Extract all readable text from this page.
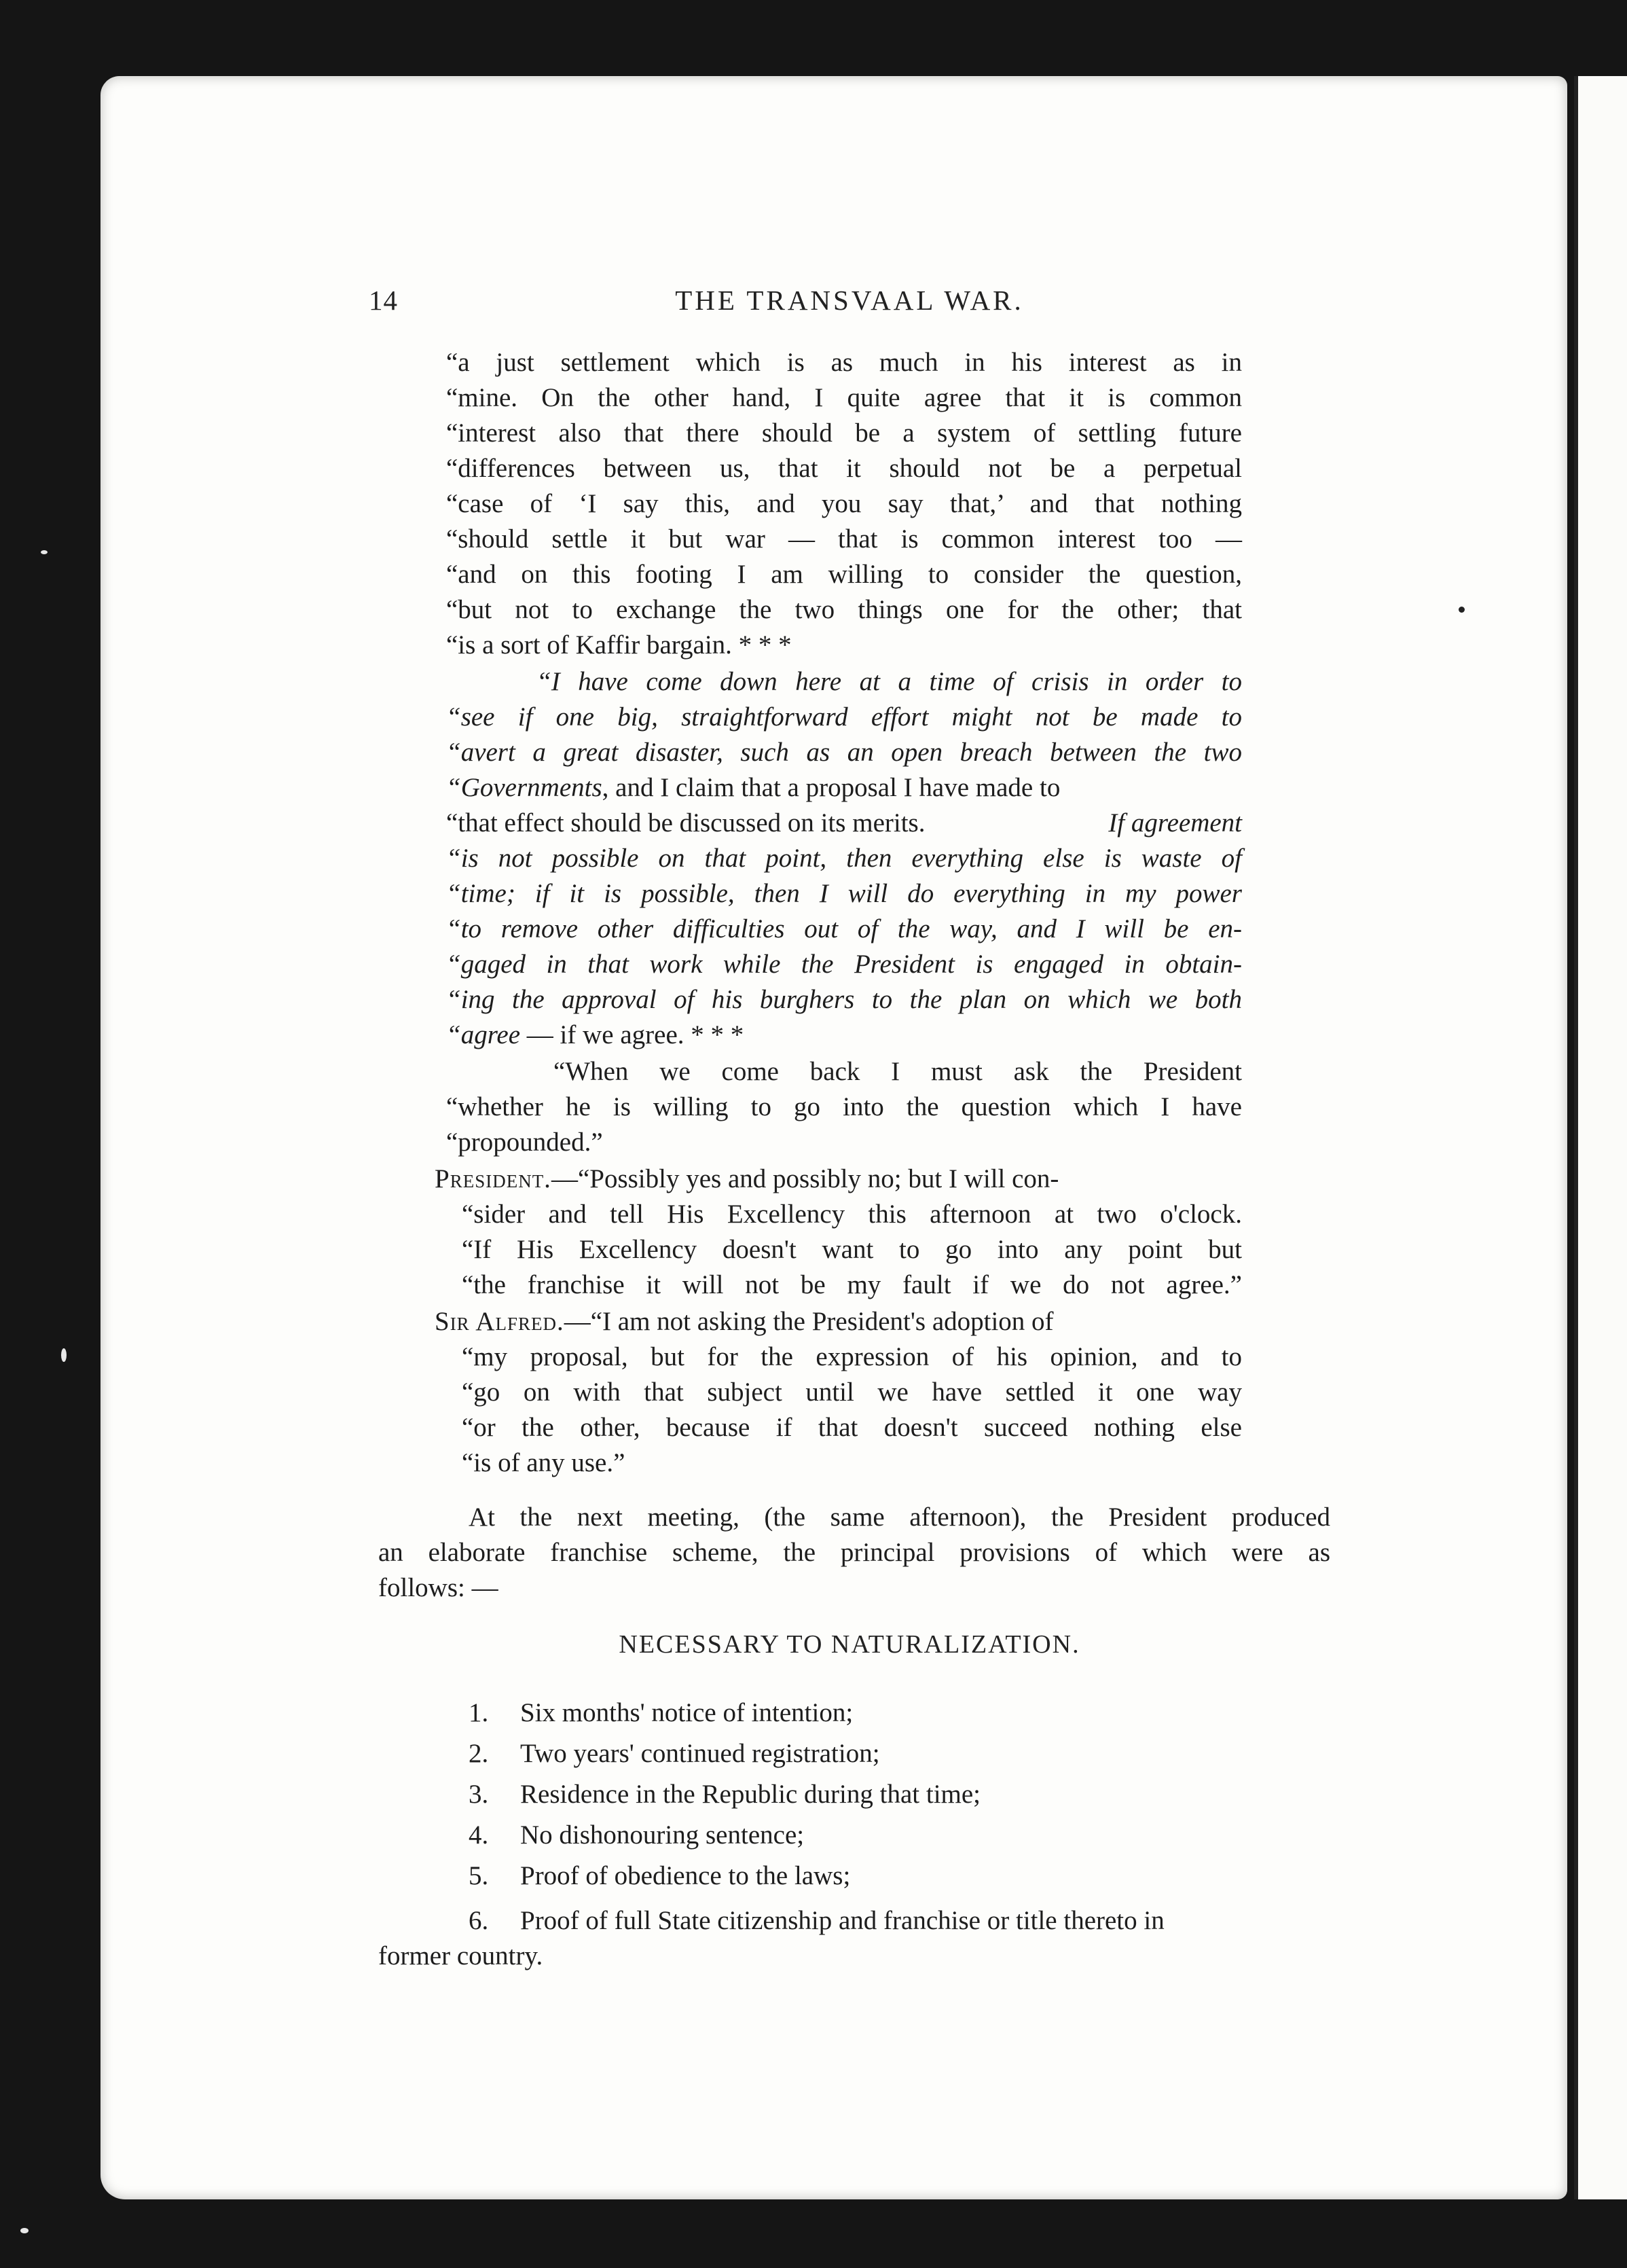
14	THE TRANSVAAL WAR.
“a just settlement which is as much in his interest as in
“mine. On the other hand, I quite agree that it is common
“interest also that there should be a system of settling future
“differences between us, that it should not be a perpetual
“case of ‘I say this, and you say that,’ and that nothing
“should settle it but war — that is common interest too —
“and on this footing I am willing to consider the question,
“but not to exchange the two things one for the other; that
“is a sort of Kaffir bargain. * * *
“I have come down here at a time of crisis in order to
“see if one big, straightforward effort might not be made to
“avert a great disaster, such as an open breach between the two
“Governments, and I claim that a proposal I have made to
“that effect should be discussed on its merits.	If agreement
“is not possible on that point, then everything else is waste of
“time; if it is possible, then I will do everything in my power
“to remove other difficulties out of the way, and I will be en-
“gaged in that work while the President is engaged in obtain-
“ing the approval of his burghers to the plan on which we both
“agree — if we agree. * * *
“When we come back I must ask the President
“whether he is willing to go into the question which I have
“propounded.”
President.—“Possibly yes and possibly no; but I will con-
“sider and tell His Excellency this afternoon at two o'clock.
“If His Excellency doesn't want to go into any point but
“the franchise it will not be my fault if we do not agree.”
Sir Alfred.—“I am not asking the President's adoption of
“my proposal, but for the expression of his opinion, and to
“go on with that subject until we have settled it one way
“or the other, because if that doesn't succeed nothing else
“is of any use.”
At the next meeting, (the same afternoon), the President produced
an elaborate franchise scheme, the principal provisions of which were as
follows: —
NECESSARY TO NATURALIZATION.
1. Six months' notice of intention;
2. Two years' continued registration;
3. Residence in the Republic during that time;
4. No dishonouring sentence;
5. Proof of obedience to the laws;
6. Proof of full State citizenship and franchise or title thereto in
former country.
